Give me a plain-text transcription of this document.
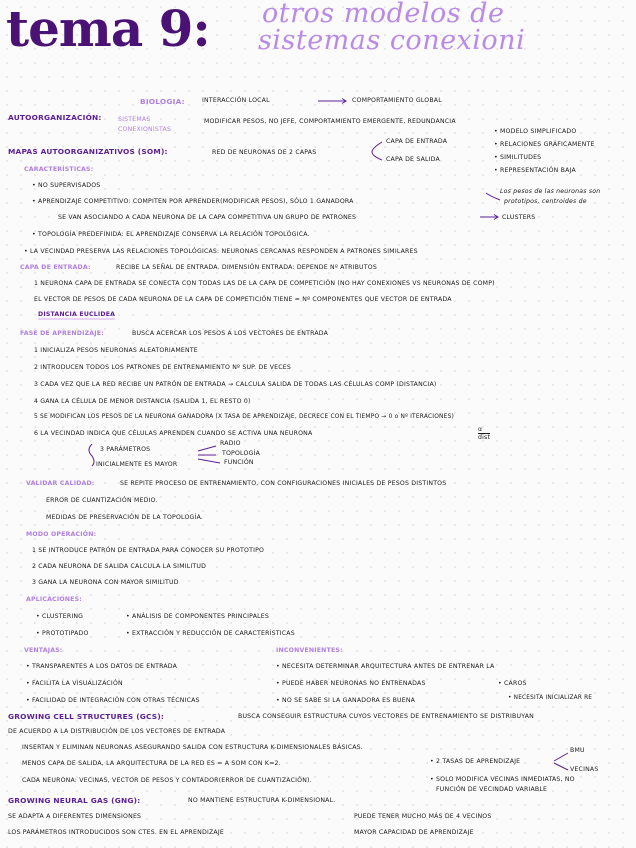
tema 9: otros modelos de
sistemas conexioni
BIOLOGIA:	INTERACCIÓN LOCAL	COMPORTAMIENTO GLOBAL
AUTOORGANIZACIÓN:	SISTEMAS
CONEXIONISTAS
MODIFICAR PESOS, NO JEFE, COMPORTAMIENTO EMERGENTE, REDUNDANCIA
MAPAS AUTOORGANIZATIVOS (SOM):	RED DE NEURONAS DE 2 CAPAS
CAPA DE ENTRADA
CAPA DE SALIDA
• MODELO SIMPLIFICADO
• RELACIONES GRÁFICAMENTE
• SIMILITUDES
• REPRESENTACIÓN BAJA
Los pesos de las neuronas son
prototipos, centroides de
CARACTERÍSTICAS:
• NO SUPERVISADOS
• APRENDIZAJE COMPETITIVO: COMPITEN POR APRENDER(MODIFICAR PESOS), SÓLO 1 GANADORA
SE VAN ASOCIANDO A CADA NEURONA DE LA CAPA COMPETITIVA UN GRUPO DE PATRONES	CLUSTERS
• TOPOLOGÍA PREDEFINIDA: EL APRENDIZAJE CONSERVA LA RELACIÓN TOPOLÓGICA.
• LA VECINDAD PRESERVA LAS RELACIONES TOPOLÓGICAS: NEURONAS CERCANAS RESPONDEN A PATRONES SIMILARES
CAPA DE ENTRADA:	RECIBE LA SEÑAL DE ENTRADA. DIMENSIÓN ENTRADA: DEPENDE Nº ATRIBUTOS
1 NEURONA CAPA DE ENTRADA SE CONECTA CON TODAS LAS DE LA CAPA DE COMPETICIÓN (NO HAY CONEXIONES VS NEURONAS DE COMP)
EL VECTOR DE PESOS DE CADA NEURONA DE LA CAPA DE COMPETICIÓN TIENE = Nº COMPONENTES QUE VECTOR DE ENTRADA
DISTANCIA EUCLIDEA
FASE DE APRENDIZAJE:	BUSCA ACERCAR LOS PESOS A LOS VECTORES DE ENTRADA
1 INICIALIZA PESOS NEURONAS ALEATORIAMENTE
2 INTRODUCEN TODOS LOS PATRONES DE ENTRENAMIENTO Nº SUP. DE VECES
3 CADA VEZ QUE LA RED RECIBE UN PATRÓN DE ENTRADA → CALCULA SALIDA DE TODAS LAS CÉLULAS COMP (DISTANCIA)
4 GANA LA CÉLULA DE MENOR DISTANCIA (SALIDA 1, EL RESTO 0)
5 SE MODIFICAN LOS PESOS DE LA NEURONA GANADORA (X TASA DE APRENDIZAJE, DECRECE CON EL TIEMPO → 0 o Nº ITERACIONES)
6 LA VECINDAD INDICA QUE CÉLULAS APRENDEN CUANDO SE ACTIVA UNA NEURONA
α
dist
3 PARÁMETROS
RADIO
TOPOLOGÍA
FUNCIÓN
INICIALMENTE ES MAYOR
VALIDAR CALIDAD:	SE REPITE PROCESO DE ENTRENAMIENTO, CON CONFIGURACIONES INICIALES DE PESOS DISTINTOS
ERROR DE CUANTIZACIÓN MEDIO.
MEDIDAS DE PRESERVACIÓN DE LA TOPOLOGÍA.
MODO OPERACIÓN:
1 SE INTRODUCE PATRÓN DE ENTRADA PARA CONOCER SU PROTOTIPO
2 CADA NEURONA DE SALIDA CALCULA LA SIMILITUD
3 GANA LA NEURONA CON MAYOR SIMILITUD
APLICACIONES:
• CLUSTERING
• PROTOTIPADO
• ANÁLISIS DE COMPONENTES PRINCIPALES
• EXTRACCIÓN Y REDUCCIÓN DE CARACTERÍSTICAS
VENTAJAS:
• TRANSPARENTES A LOS DATOS DE ENTRADA
• FACILITA LA VISUALIZACIÓN
• FACILIDAD DE INTEGRACIÓN CON OTRAS TÉCNICAS
INCONVENIENTES:
• NECESITA DETERMINAR ARQUITECTURA ANTES DE ENTRENAR LA
• PUEDE HABER NEURONAS NO ENTRENADAS	• CAROS
• NO SE SABE SI LA GANADORA ES BUENA	• NECESITA INICIALIZAR RE
GROWING CELL STRUCTURES (GCS):	BUSCA CONSEGUIR ESTRUCTURA CUYOS VECTORES DE ENTRENAMIENTO SE DISTRIBUYAN
DE ACUERDO A LA DISTRIBUCIÓN DE LOS VECTORES DE ENTRADA
INSERTAN Y ELIMINAN NEURONAS ASEGURANDO SALIDA CON ESTRUCTURA K-DIMENSIONALES BÁSICAS.
MENOS CAPA DE SALIDA, LA ARQUITECTURA DE LA RED ES = A SOM CON K=2.
CADA NEURONA: VECINAS, VECTOR DE PESOS Y CONTADOR(ERROR DE CUANTIZACIÓN).
• 2 TASAS DE APRENDIZAJE
BMU
VECINAS
• SOLO MODIFICA VECINAS INMEDIATAS, NO
FUNCIÓN DE VECINDAD VARIABLE
GROWING NEURAL GAS (GNG):	NO MANTIENE ESTRUCTURA K-DIMENSIONAL.
SE ADAPTA A DIFERENTES DIMENSIONES
LOS PARÁMETROS INTRODUCIDOS SON CTES. EN EL APRENDIZAJE
PUEDE TENER MUCHO MÁS DE 4 VECINOS
MAYOR CAPACIDAD DE APRENDIZAJE
